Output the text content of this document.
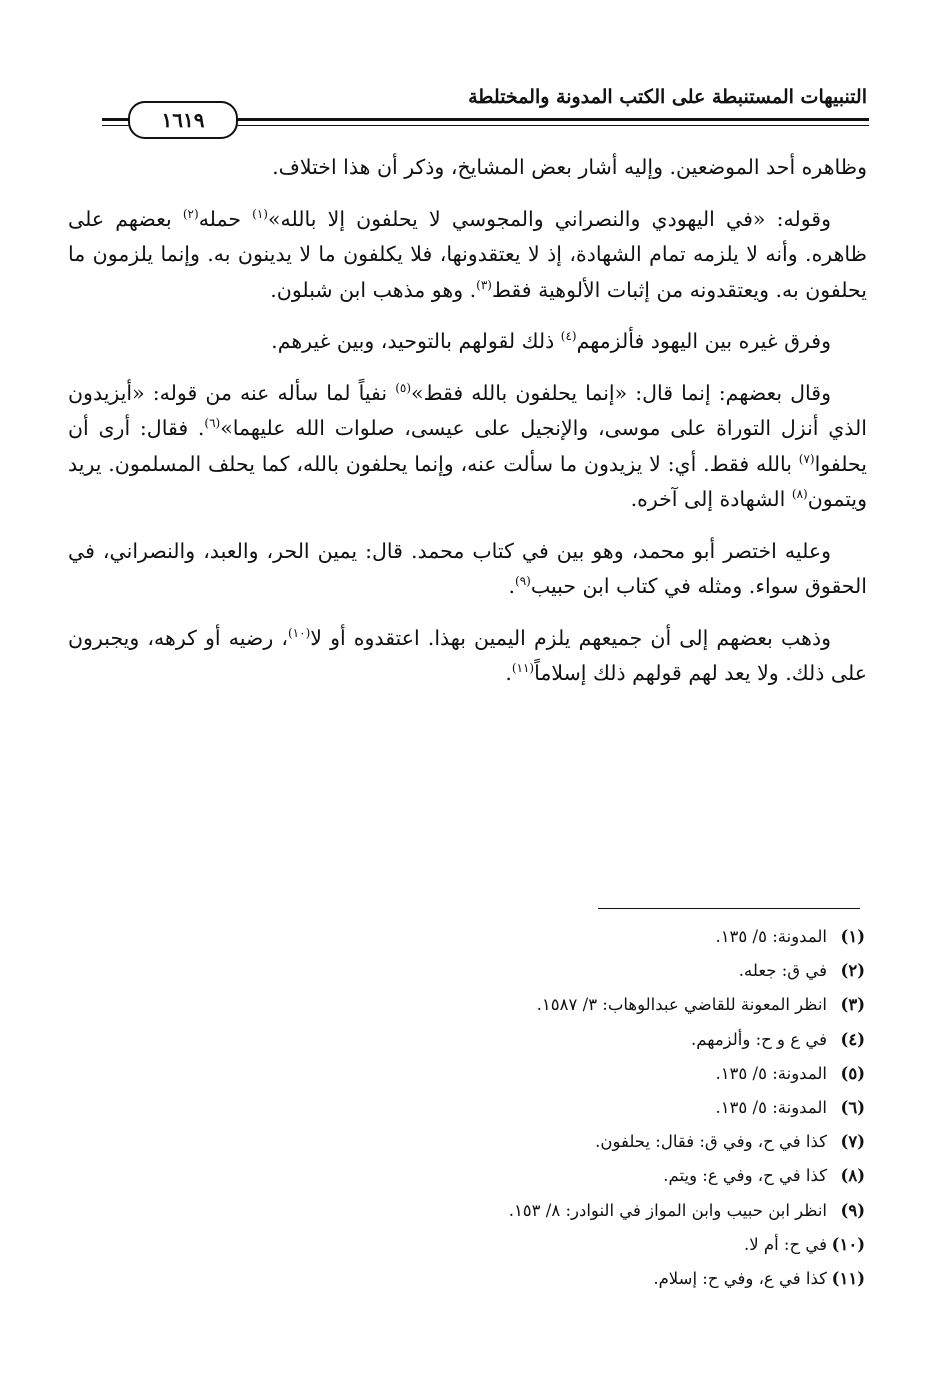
التنبيهات المستنبطة على الكتب المدونة والمختلطة
١٦١٩

وظاهره أحد الموضعين. وإليه أشار بعض المشايخ، وذكر أن هذا اختلاف.

وقوله: «في اليهودي والنصراني والمجوسي لا يحلفون إلا بالله»$^{(١)}$ حمله$^{(٢)}$ بعضهم على ظاهره. وأنه لا يلزمه تمام الشهادة، إذ لا يعتقدونها، فلا يكلفون ما لا يدينون به. وإنما يلزمون ما يحلفون به. ويعتقدونه من إثبات الألوهية فقط$^{(٣)}$. وهو مذهب ابن شبلون.

وفرق غيره بين اليهود فألزمهم$^{(٤)}$ ذلك لقولهم بالتوحيد، وبين غيرهم.

وقال بعضهم: إنما قال: «إنما يحلفون بالله فقط»$^{(٥)}$ نفياً لما سأله عنه من قوله: «أيزيدون الذي أنزل التوراة على موسى، والإنجيل على عيسى، صلوات الله عليهما»$^{(٦)}$. فقال: أرى أن يحلفوا$^{(٧)}$ بالله فقط. أي: لا يزيدون ما سألت عنه، وإنما يحلفون بالله، كما يحلف المسلمون. يريد ويتمون$^{(٨)}$ الشهادة إلى آخره.

وعليه اختصر أبو محمد، وهو بين في كتاب محمد. قال: يمين الحر، والعبد، والنصراني، في الحقوق سواء. ومثله في كتاب ابن حبيب$^{(٩)}$.

وذهب بعضهم إلى أن جميعهم يلزم اليمين بهذا. اعتقدوه أو لا$^{(١٠)}$، رضيه أو كرهه، ويجبرون على ذلك. ولا يعد لهم قولهم ذلك إسلاماً$^{(١١)}$.

(١)المدونة: ٥/ ١٣٥.
(٢)في ق: جعله.
(٣)انظر المعونة للقاضي عبدالوهاب: ٣/ ١٥٨٧.
(٤)في ع و ح: وألزمهم.
(٥)المدونة: ٥/ ١٣٥.
(٦)المدونة: ٥/ ١٣٥.
(٧)كذا في ح، وفي ق: فقال: يحلفون.
(٨)كذا في ح، وفي ع: ويتم.
(٩)انظر ابن حبيب وابن المواز في النوادر: ٨/ ١٥٣.
(١٠)في ح: أم لا.
(١١)كذا في ع، وفي ح: إسلام.
